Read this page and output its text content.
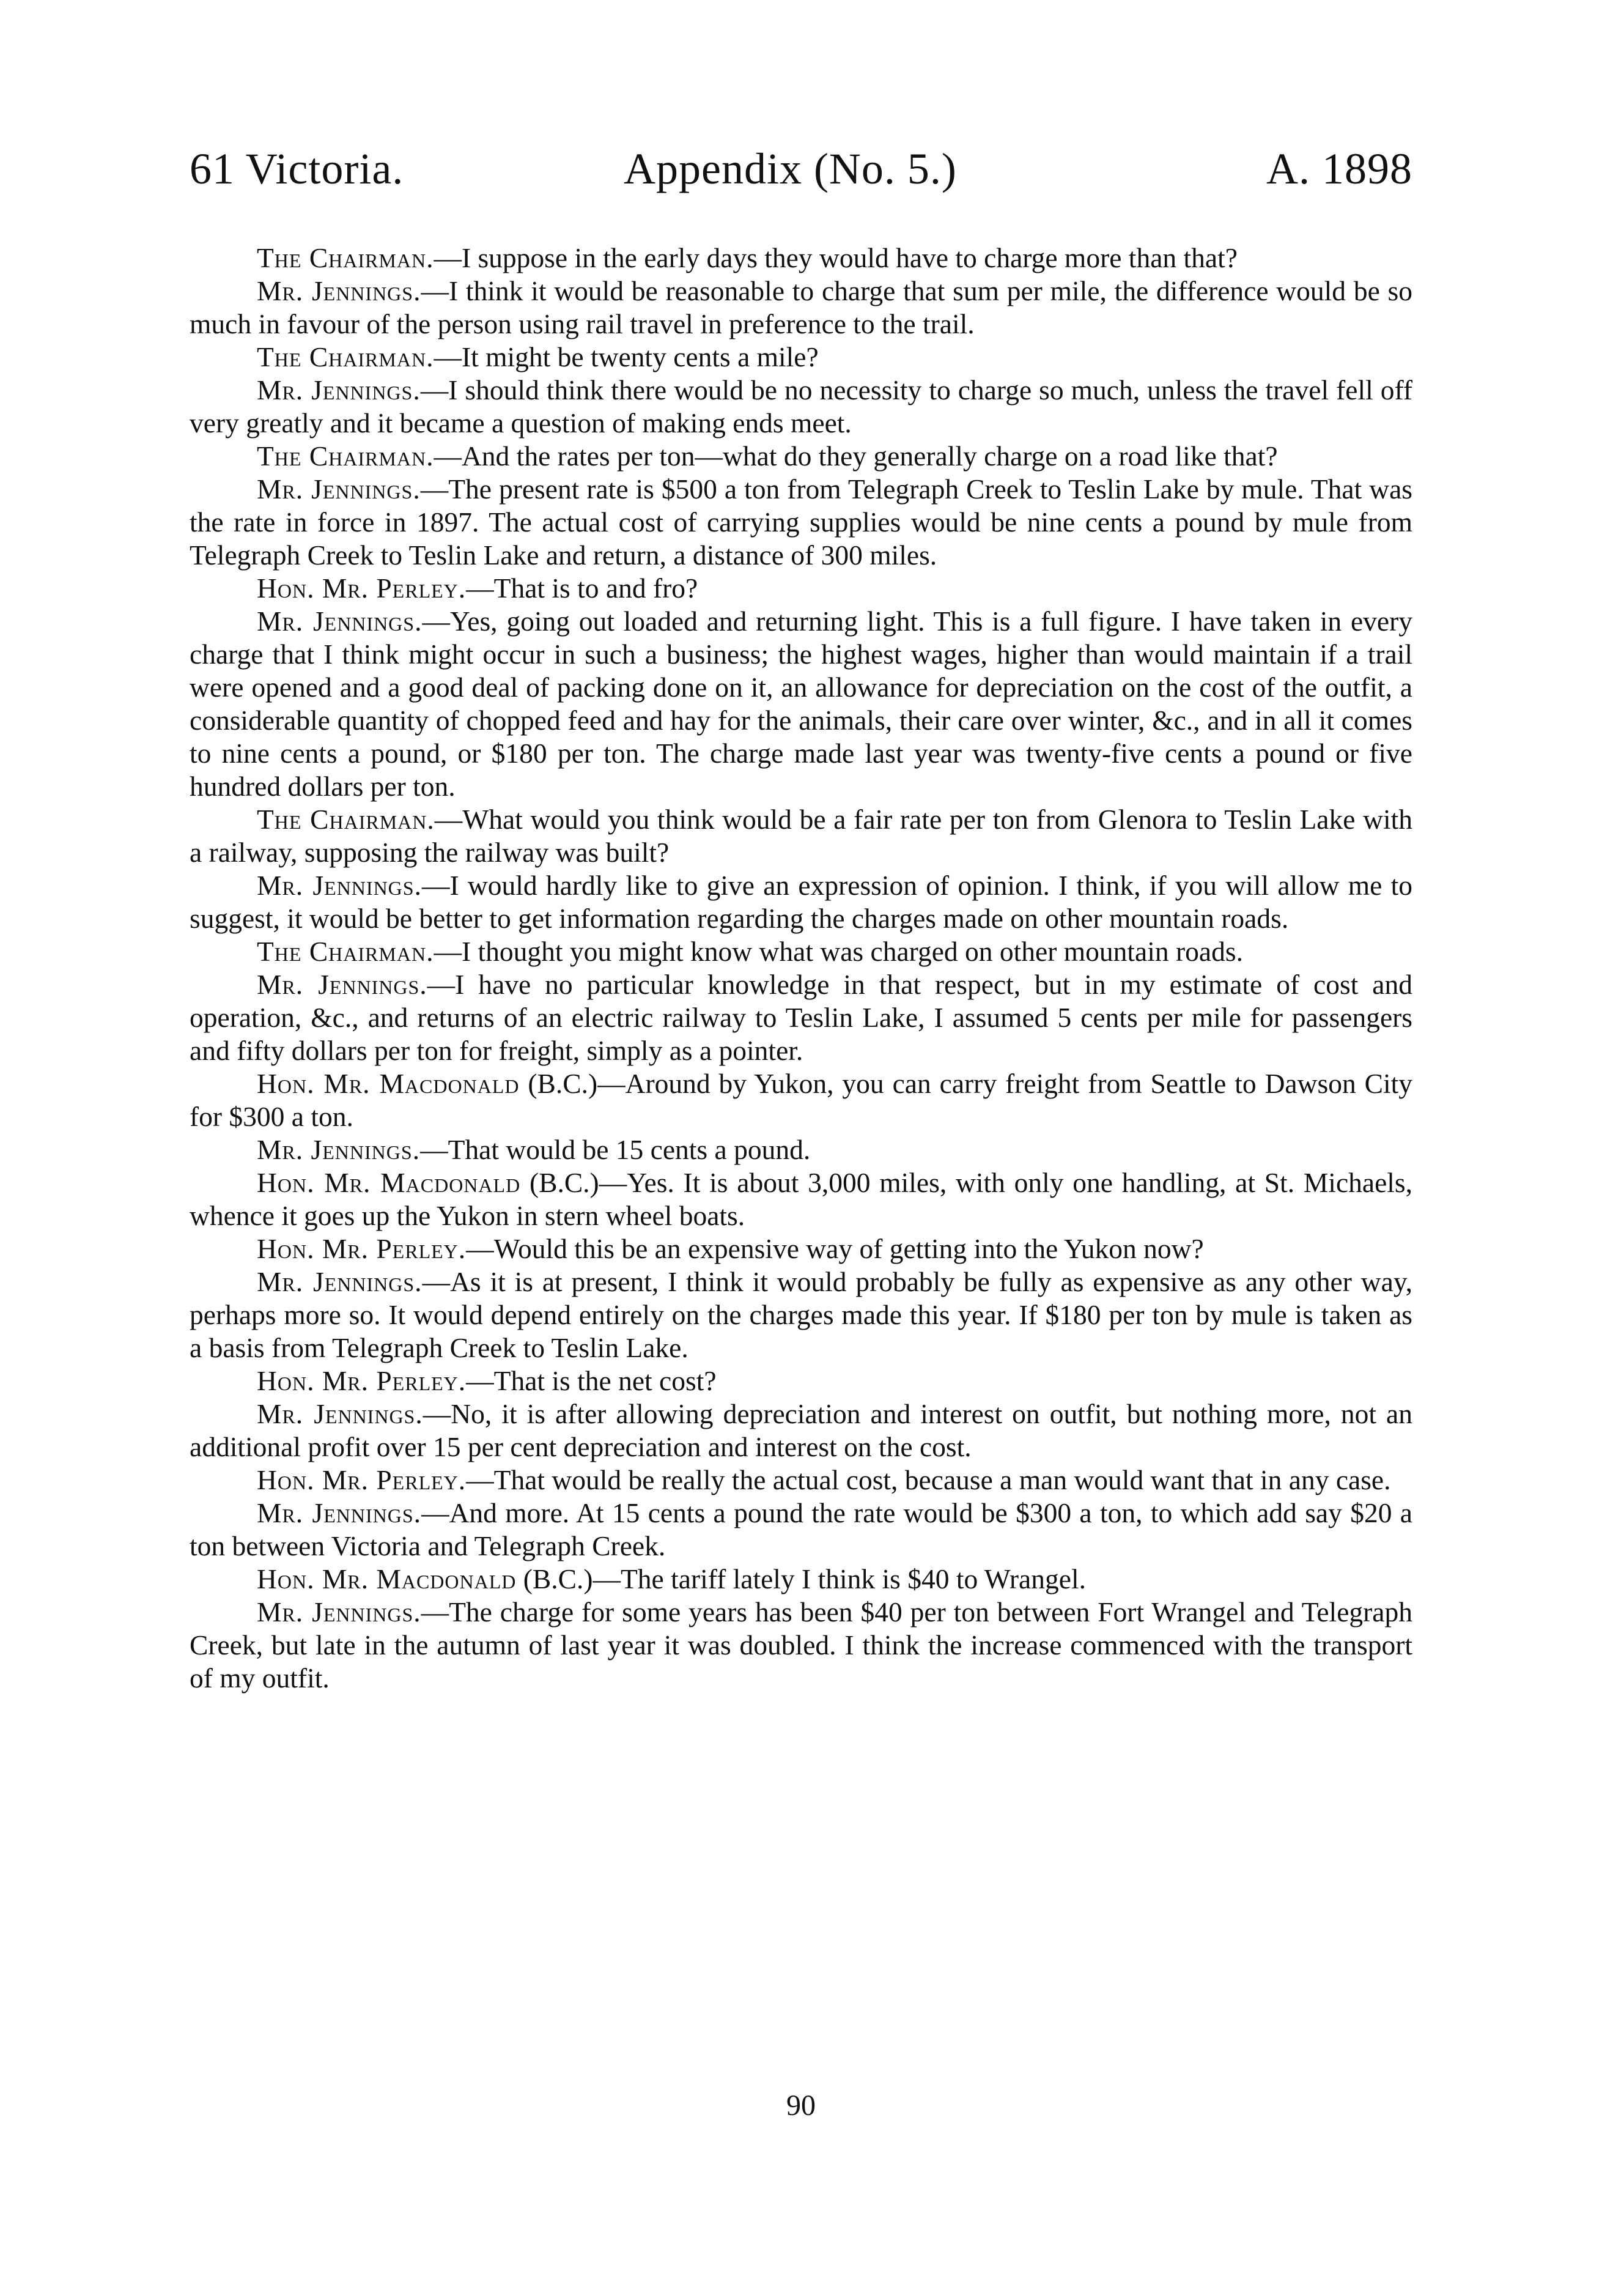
61 Victoria.	Appendix (No. 5.)	A. 1898

The Chairman.—I suppose in the early days they would have to charge more than that?

Mr. Jennings.—I think it would be reasonable to charge that sum per mile, the difference would be so much in favour of the person using rail travel in preference to the trail.

The Chairman.—It might be twenty cents a mile?

Mr. Jennings.—I should think there would be no necessity to charge so much, unless the travel fell off very greatly and it became a question of making ends meet.

The Chairman.—And the rates per ton—what do they generally charge on a road like that?

Mr. Jennings.—The present rate is $500 a ton from Telegraph Creek to Teslin Lake by mule. That was the rate in force in 1897. The actual cost of carrying supplies would be nine cents a pound by mule from Telegraph Creek to Teslin Lake and return, a distance of 300 miles.

Hon. Mr. Perley.—That is to and fro?

Mr. Jennings.—Yes, going out loaded and returning light. This is a full figure. I have taken in every charge that I think might occur in such a business; the highest wages, higher than would maintain if a trail were opened and a good deal of packing done on it, an allowance for depreciation on the cost of the outfit, a considerable quantity of chopped feed and hay for the animals, their care over winter, &c., and in all it comes to nine cents a pound, or $180 per ton. The charge made last year was twenty-five cents a pound or five hundred dollars per ton.

The Chairman.—What would you think would be a fair rate per ton from Glenora to Teslin Lake with a railway, supposing the railway was built?

Mr. Jennings.—I would hardly like to give an expression of opinion. I think, if you will allow me to suggest, it would be better to get information regarding the charges made on other mountain roads.

The Chairman.—I thought you might know what was charged on other mountain roads.

Mr. Jennings.—I have no particular knowledge in that respect, but in my estimate of cost and operation, &c., and returns of an electric railway to Teslin Lake, I assumed 5 cents per mile for passengers and fifty dollars per ton for freight, simply as a pointer.

Hon. Mr. Macdonald (B.C.)—Around by Yukon, you can carry freight from Seattle to Dawson City for $300 a ton.

Mr. Jennings.—That would be 15 cents a pound.

Hon. Mr. Macdonald (B.C.)—Yes. It is about 3,000 miles, with only one handling, at St. Michaels, whence it goes up the Yukon in stern wheel boats.

Hon. Mr. Perley.—Would this be an expensive way of getting into the Yukon now?

Mr. Jennings.—As it is at present, I think it would probably be fully as expensive as any other way, perhaps more so. It would depend entirely on the charges made this year. If $180 per ton by mule is taken as a basis from Telegraph Creek to Teslin Lake.

Hon. Mr. Perley.—That is the net cost?

Mr. Jennings.—No, it is after allowing depreciation and interest on outfit, but nothing more, not an additional profit over 15 per cent depreciation and interest on the cost.

Hon. Mr. Perley.—That would be really the actual cost, because a man would want that in any case.

Mr. Jennings.—And more. At 15 cents a pound the rate would be $300 a ton, to which add say $20 a ton between Victoria and Telegraph Creek.

Hon. Mr. Macdonald (B.C.)—The tariff lately I think is $40 to Wrangel.

Mr. Jennings.—The charge for some years has been $40 per ton between Fort Wrangel and Telegraph Creek, but late in the autumn of last year it was doubled. I think the increase commenced with the transport of my outfit.

90
